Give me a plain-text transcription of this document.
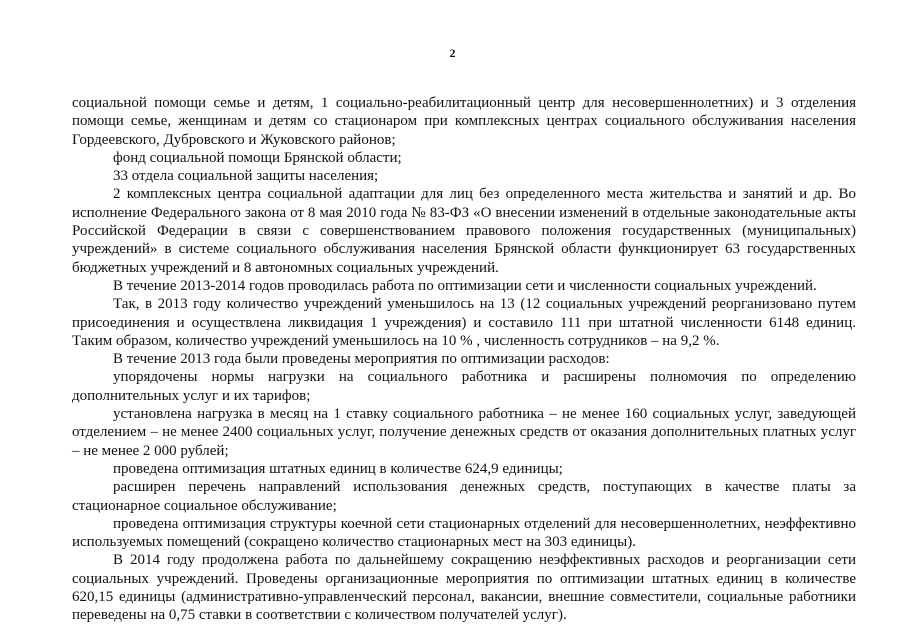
2

социальной помощи семье и детям, 1 социально-реабилитационный центр для несовершеннолетних) и 3 отделения помощи семье, женщинам и детям со стационаром при комплексных центрах социального обслуживания населения Гордеевского, Дубровского и Жуковского районов;

фонд социальной помощи Брянской области;

33 отдела социальной защиты населения;

2 комплексных центра социальной адаптации для лиц без определенного места жительства и занятий и др. Во исполнение Федерального закона от 8 мая 2010 года № 83-ФЗ «О внесении изменений в отдельные законодательные акты Российской Федерации в связи с совершенствованием правового положения государственных (муниципальных) учреждений» в системе социального обслуживания населения Брянской области функционирует 63 государственных бюджетных учреждений и 8 автономных социальных учреждений.

В течение 2013-2014 годов проводилась работа по оптимизации сети и численности социальных учреждений.

Так, в 2013 году количество учреждений уменьшилось на 13 (12 социальных учреждений реорганизовано путем присоединения и осуществлена ликвидация 1 учреждения) и составило 111 при штатной численности 6148 единиц. Таким образом, количество учреждений уменьшилось на 10 % , численность сотрудников – на 9,2 %.

В течение 2013 года были проведены мероприятия по оптимизации расходов:

упорядочены нормы нагрузки на социального работника и расширены полномочия по определению дополнительных услуг и их тарифов;

установлена нагрузка в месяц на 1 ставку социального работника – не менее 160 социальных услуг, заведующей отделением – не менее 2400 социальных услуг, получение денежных средств от оказания дополнительных платных услуг – не менее 2 000 рублей;

проведена оптимизация штатных единиц в количестве 624,9 единицы;

расширен перечень направлений использования денежных средств, поступающих в качестве платы за стационарное социальное обслуживание;

проведена оптимизация структуры коечной сети стационарных отделений для несовершеннолетних, неэффективно используемых помещений (сокращено количество стационарных мест на 303 единицы).

В 2014 году продолжена работа по дальнейшему сокращению неэффективных расходов и реорганизации сети социальных учреждений. Проведены организационные мероприятия по оптимизации штатных единиц в количестве 620,15 единицы (административно-управленческий персонал, вакансии, внешние совместители, социальные работники переведены на 0,75 ставки в соответствии с количеством получателей услуг).
